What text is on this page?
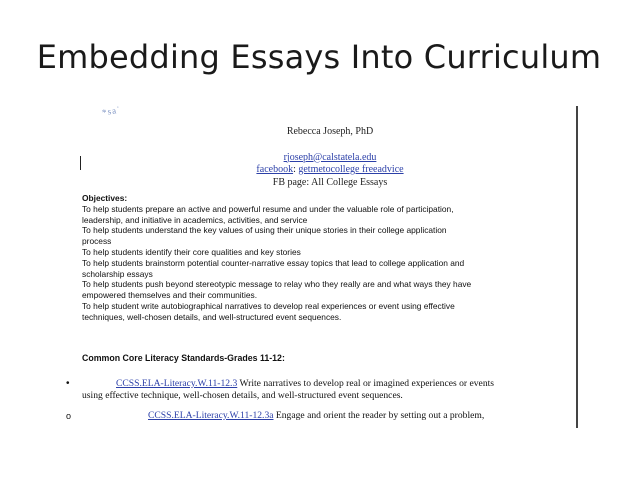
Embedding Essays Into Curriculum
*saʿ
Rebecca Joseph, PhD
rjoseph@calstatela.edu
facebook: getmetocollege freeadvice
FB page: All College Essays

Objectives:

To help students prepare an active and powerful resume and under the valuable role of participation,

leadership, and initiative in academics, activities, and service

To help students understand the key values of using their unique stories in their college application

process

To help students identify their core qualities and key stories

To help students brainstorm potential counter-narrative essay topics that lead to college application and

scholarship essays

To help students push beyond stereotypic message to relay who they really are and what ways they have

empowered themselves and their communities.

To help student write autobiographical narratives to develop real experiences or event using effective

techniques, well-chosen details, and well-structured event sequences.

Common Core Literacy Standards-Grades 11-12:
•	CCSS.ELA-Literacy.W.11-12.3 Write narratives to develop real or imagined experiences or events
using effective technique, well-chosen details, and well-structured event sequences.
o	CCSS.ELA-Literacy.W.11-12.3a Engage and orient the reader by setting out a problem,
